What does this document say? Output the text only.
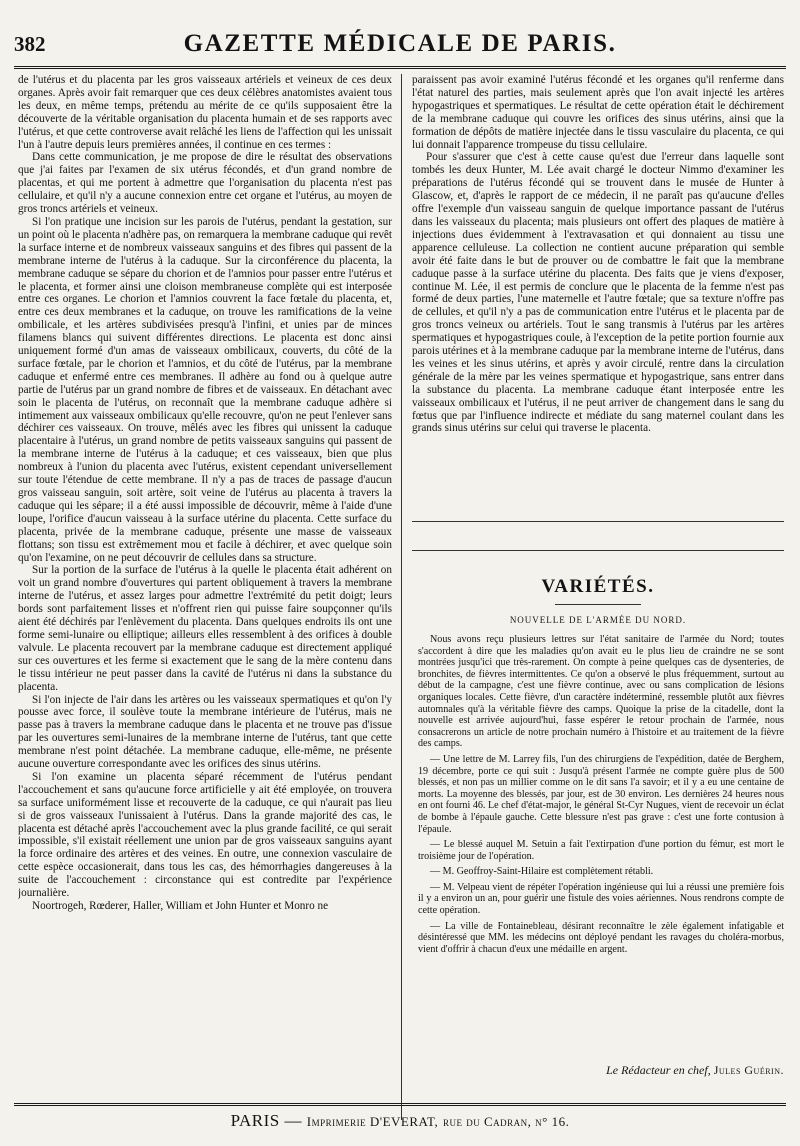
382	GAZETTE MÉDICALE DE PARIS.

de l'utérus et du placenta par les gros vaisseaux artériels et veineux de ces deux organes. Après avoir fait remarquer que ces deux célèbres anatomistes avaient tous les deux, en même temps, prétendu au mérite de ce qu'ils supposaient être la découverte de la véritable organisation du placenta humain et de ses rapports avec l'utérus, et que cette controverse avait relâché les liens de l'affection qui les unissait l'un à l'autre depuis leurs premières années, il continue en ces termes :

Dans cette communication, je me propose de dire le résultat des observations que j'ai faites par l'examen de six utérus fécondés, et d'un grand nombre de placentas, et qui me portent à admettre que l'organisation du placenta n'est pas cellulaire, et qu'il n'y a aucune connexion entre cet organe et l'utérus, au moyen de gros troncs artériels et veineux.

Si l'on pratique une incision sur les parois de l'utérus, pendant la gestation, sur un point où le placenta n'adhère pas, on remarquera la membrane caduque qui revêt la surface interne et de nombreux vaisseaux sanguins et des fibres qui passent de la membrane interne de l'utérus à la caduque. Sur la circonférence du placenta, la membrane caduque se sépare du chorion et de l'amnios pour passer entre l'utérus et le placenta, et former ainsi une cloison membraneuse complète qui est interposée entre ces organes. Le chorion et l'amnios couvrent la face fœtale du placenta, et, entre ces deux membranes et la caduque, on trouve les ramifications de la veine ombilicale, et les artères subdivisées presqu'à l'infini, et unies par de minces filamens blancs qui suivent différentes directions. Le placenta est donc ainsi uniquement formé d'un amas de vaisseaux ombilicaux, couverts, du côté de la surface fœtale, par le chorion et l'amnios, et du côté de l'utérus, par la membrane caduque et enfermé entre ces membranes. Il adhère au fond ou à quelque autre partie de l'utérus par un grand nombre de fibres et de vaisseaux. En détachant avec soin le placenta de l'utérus, on reconnaît que la membrane caduque adhère si intimement aux vaisseaux ombilicaux qu'elle recouvre, qu'on ne peut l'enlever sans déchirer ces vaisseaux. On trouve, mêlés avec les fibres qui unissent la caduque placentaire à l'utérus, un grand nombre de petits vaisseaux sanguins qui passent de la membrane interne de l'utérus à la caduque; et ces vaisseaux, bien que plus nombreux à l'union du placenta avec l'utérus, existent cependant universellement sur toute l'étendue de cette membrane. Il n'y a pas de traces de passage d'aucun gros vaisseau sanguin, soit artère, soit veine de l'utérus au placenta à travers la caduque qui les sépare; il a été aussi impossible de découvrir, même à l'aide d'une loupe, l'orifice d'aucun vaisseau à la surface utérine du placenta. Cette surface du placenta, privée de la membrane caduque, présente une masse de vaisseaux flottans; son tissu est extrêmement mou et facile à déchirer, et avec quelque soin qu'on l'examine, on ne peut découvrir de cellules dans sa structure.

Sur la portion de la surface de l'utérus à la quelle le placenta était adhérent on voit un grand nombre d'ouvertures qui partent obliquement à travers la membrane interne de l'utérus, et assez larges pour admettre l'extrémité du petit doigt; leurs bords sont parfaitement lisses et n'offrent rien qui puisse faire soupçonner qu'ils aient été déchirés par l'enlèvement du placenta. Dans quelques endroits ils ont une forme semi-lunaire ou elliptique; ailleurs elles ressemblent à des orifices à double valvule. Le placenta recouvert par la membrane caduque est directement appliqué sur ces ouvertures et les ferme si exactement que le sang de la mère contenu dans le tissu intérieur ne peut passer dans la cavité de l'utérus ni dans la substance du placenta.

Si l'on injecte de l'air dans les artères ou les vaisseaux spermatiques et qu'on l'y pousse avec force, il soulève toute la membrane intérieure de l'utérus, mais ne passe pas à travers la membrane caduque dans le placenta et ne trouve pas d'issue par les ouvertures semi-lunaires de la membrane interne de l'utérus, tant que cette membrane n'est point détachée. La membrane caduque, elle-même, ne présente aucune ouverture correspondante avec les orifices des sinus utérins.

Si l'on examine un placenta séparé récemment de l'utérus pendant l'accouchement et sans qu'aucune force artificielle y ait été employée, on trouvera sa surface uniformément lisse et recouverte de la caduque, ce qui n'aurait pas lieu si de gros vaisseaux l'unissaient à l'utérus. Dans la grande majorité des cas, le placenta est détaché après l'accouchement avec la plus grande facilité, ce qui serait impossible, s'il existait réellement une union par de gros vaisseaux sanguins ayant la force ordinaire des artères et des veines. En outre, une connexion vasculaire de cette espèce occasionerait, dans tous les cas, des hémorrhagies dangereuses à la suite de l'accouchement : circonstance qui est contredite par l'expérience journalière.

Noortrogeh, Rœderer, Haller, William et John Hunter et Monro ne

paraissent pas avoir examiné l'utérus fécondé et les organes qu'il renferme dans l'état naturel des parties, mais seulement après que l'on avait injecté les artères hypogastriques et spermatiques. Le résultat de cette opération était le déchirement de la membrane caduque qui couvre les orifices des sinus utérins, ainsi que la formation de dépôts de matière injectée dans le tissu vasculaire du placenta, ce qui lui donnait l'apparence trompeuse du tissu cellulaire.

Pour s'assurer que c'est à cette cause qu'est due l'erreur dans laquelle sont tombés les deux Hunter, M. Lée avait chargé le docteur Nimmo d'examiner les préparations de l'utérus fécondé qui se trouvent dans le musée de Hunter à Glascow, et, d'après le rapport de ce médecin, il ne paraît pas qu'aucune d'elles offre l'exemple d'un vaisseau sanguin de quelque importance passant de l'utérus dans les vaisseaux du placenta; mais plusieurs ont offert des plaques de matière à injections dues évidemment à l'extravasation et qui donnaient au tissu une apparence celluleuse. La collection ne contient aucune préparation qui semble avoir été faite dans le but de prouver ou de combattre le fait que la membrane caduque passe à la surface utérine du placenta. Des faits que je viens d'exposer, continue M. Lée, il est permis de conclure que le placenta de la femme n'est pas formé de deux parties, l'une maternelle et l'autre fœtale; que sa texture n'offre pas de cellules, et qu'il n'y a pas de communication entre l'utérus et le placenta par de gros troncs veineux ou artériels. Tout le sang transmis à l'utérus par les artères spermatiques et hypogastriques coule, à l'exception de la petite portion fournie aux parois utérines et à la membrane caduque par la membrane interne de l'utérus, dans les veines et les sinus utérins, et après y avoir circulé, rentre dans la circulation générale de la mère par les veines spermatique et hypogastrique, sans entrer dans la substance du placenta. La membrane caduque étant interposée entre les vaisseaux ombilicaux et l'utérus, il ne peut arriver de changement dans le sang du fœtus que par l'influence indirecte et médiate du sang maternel coulant dans les grands sinus utérins sur celui qui traverse le placenta.

VARIÉTÉS.
NOUVELLE DE L'ARMÉE DU NORD.

Nous avons reçu plusieurs lettres sur l'état sanitaire de l'armée du Nord; toutes s'accordent à dire que les maladies qu'on avait eu le plus lieu de craindre ne se sont montrées jusqu'ici que très-rarement. On compte à peine quelques cas de dysenteries, de bronchites, de fièvres intermittentes. Ce qu'on a observé le plus fréquemment, surtout au début de la campagne, c'est une fièvre continue, avec ou sans complication de lésions organiques locales. Cette fièvre, d'un caractère indéterminé, ressemble plutôt aux fièvres automnales qu'à la véritable fièvre des camps. Quoique la prise de la citadelle, dont la nouvelle est arrivée aujourd'hui, fasse espérer le retour prochain de l'armée, nous consacrerons un article de notre prochain numéro à l'histoire et au traitement de la fièvre des camps.

— Une lettre de M. Larrey fils, l'un des chirurgiens de l'expédition, datée de Berghem, 19 décembre, porte ce qui suit : Jusqu'à présent l'armée ne compte guère plus de 500 blessés, et non pas un millier comme on le dit sans l'a savoir; et il y a eu une centaine de morts. La moyenne des blessés, par jour, est de 30 environ. Les dernières 24 heures nous en ont fourni 46. Le chef d'état-major, le général St-Cyr Nugues, vient de recevoir un éclat de bombe à l'épaule gauche. Cette blessure n'est pas grave : c'est une forte contusion à l'épaule.

— Le blessé auquel M. Setuin a fait l'extirpation d'une portion du fémur, est mort le troisième jour de l'opération.

— M. Geoffroy-Saint-Hilaire est complètement rétabli.

— M. Velpeau vient de répéter l'opération ingénieuse qui lui a réussi une première fois il y a environ un an, pour guérir une fistule des voies aériennes. Nous rendrons compte de cette opération.

— La ville de Fontainebleau, désirant reconnaître le zèle également infatigable et désintéressé que MM. les médecins ont déployé pendant les ravages du choléra-morbus, vient d'offrir à chacun d'eux une médaille en argent.

Le Rédacteur en chef, Jules Guérin.
PARIS — Imprimerie D'EVERAT, rue du Cadran, n° 16.
